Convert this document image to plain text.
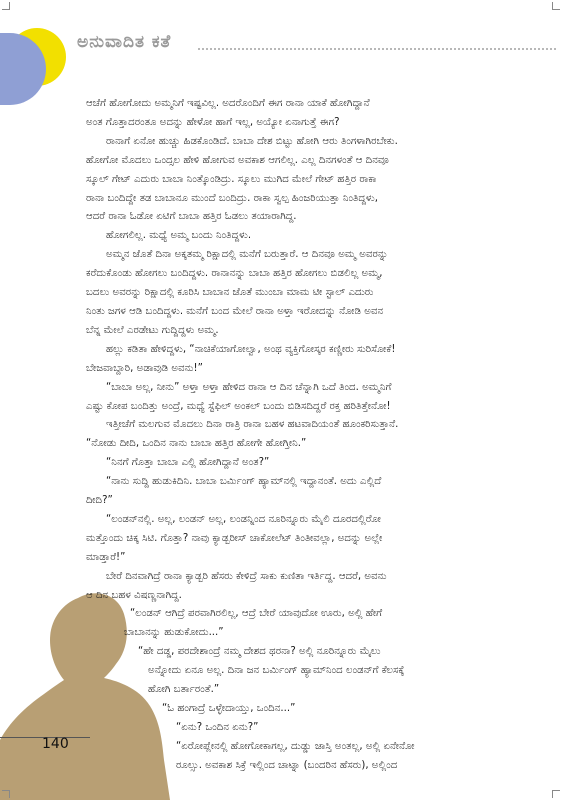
ಅನುವಾದಿತ ಕತೆ
140

ಆಚೆಗೆ ಹೋಗೋದು ಅಮ್ಮನಿಗೆ ಇಷ್ಟವಿಲ್ಲ. ಅದರೊಂದಿಗೆ ಈಗ ರಾನಾ ಯಾಕೆ ಹೋಗಿದ್ದಾನೆ

ಅಂತ ಗೊತ್ತಾದರಂತೂ ಅದನ್ನು ಹೇಳೋ ಹಾಗೆ ಇಲ್ಲ, ಅಯ್ಯೋ ಏನಾಗುತ್ತೆ ಈಗ?

ರಾನಾಗೆ ಏನೋ ಹುಚ್ಚು ಹಿಡಕೊಂಡಿದೆ. ಬಾಬಾ ದೇಶ ಬಿಟ್ಟು ಹೋಗಿ ಆರು ತಿಂಗಳಾಗಿರಬೇಕು.

ಹೋಗೋ ಮೊದಲು ಒಂದ್ಸಲ ಹೇಳಿ ಹೋಗುವ ಅವಕಾಶ ಆಗಲಿಲ್ಲ. ಎಲ್ಲ ದಿನಗಳಂತೆ ಆ ದಿನವೂ

ಸ್ಕೂಲ್ ಗೇಟ್ ಎದುರು ಬಾಬಾ ನಿಂತ್ಕೊಂಡಿದ್ರು. ಸ್ಕೂಲು ಮುಗಿದ ಮೇಲೆ ಗೇಟ್ ಹತ್ತಿರ ರಾಕಾ

ರಾನಾ ಬಂದಿದ್ದೇ ತಡ ಬಾಬಾನೂ ಮುಂದೆ ಬಂದಿದ್ರು. ರಾಕಾ ಸ್ವಲ್ಪ ಹಿಂಜರಿಯುತ್ತಾ ನಿಂತಿದ್ದಳು,

ಆದರೆ ರಾನಾ ಓಡೋ ಏಟಿಗೆ ಬಾಬಾ ಹತ್ತಿರ ಓಡಲು ತಯಾರಾಗಿದ್ದ.

ಹೋಗಲಿಲ್ಲ. ಮಧ್ಯೆ ಅಮ್ಮ ಬಂದು ನಿಂತಿದ್ದಳು.

ಅಮ್ಮನ ಜೊತೆ ದಿನಾ ಅಕ್ಕತಮ್ಮ ರಿಕ್ಷಾದಲ್ಲಿ ಮನೆಗೆ ಬರುತ್ತಾರೆ. ಆ ದಿನವೂ ಅಮ್ಮ ಅವರನ್ನು

ಕರೆದುಕೊಂಡು ಹೋಗಲು ಬಂದಿದ್ದಳು. ರಾನಾನನ್ನು ಬಾಬಾ ಹತ್ತಿರ ಹೋಗಲು ಬಿಡಲಿಲ್ಲ ಅಮ್ಮ,

ಬದಲು ಅವರನ್ನು ರಿಕ್ಷಾದಲ್ಲಿ ಕೂರಿಸಿ ಬಾಬಾನ ಜೊತೆ ಮುಂಬಾ ಮಾಮ ಟೀ ಸ್ಟಾಲ್ ಎದುರು

ನಿಂತು ಜಗಳ ಆಡಿ ಬಂದಿದ್ದಳು. ಮನೆಗೆ ಬಂದ ಮೇಲೆ ರಾನಾ ಅಳ್ತಾ ಇರೋದನ್ನು ನೋಡಿ ಅವನ

ಬೆನ್ನ ಮೇಲೆ ಎರಡೇಟು ಗುದ್ದಿದ್ದಳು ಅಮ್ಮ.

ಹಲ್ಲು ಕಡಿತಾ ಹೇಳಿದ್ದಳು, “ನಾಚಿಕೆಯಾಗೋಲ್ವಾ, ಅಂಥ ವ್ಯಕ್ತಿಗೋಸ್ಕರ ಕಣ್ಣೀರು ಸುರಿಸೋಕೆ!

ಬೇಜವಾಬ್ದಾರಿ, ಅಡಾವುಡಿ ಅವನು!”

“ಬಾಬಾ ಅಲ್ಲ, ನೀನು” ಅಳ್ತಾ ಅಳ್ತಾ ಹೇಳಿದ ರಾನಾ ಆ ದಿನ ಚೆನ್ನಾಗಿ ಒದೆ ತಿಂದ. ಅಮ್ಮನಿಗೆ

ಎಷ್ಟು ಕೋಪ ಬಂದಿತ್ತು ಅಂದ್ರೆ, ಮಧ್ಯೆ ಸ್ಟೆಫಿಲ್ ಅಂಕಲ್ ಬಂದು ಬಿಡಿಸದಿದ್ದರೆ ರಕ್ತ ಹರಿತಿತ್ತೇನೋ!

ಇತ್ತೀಚೆಗೆ ಮಲಗುವ ಮೊದಲು ದಿನಾ ರಾತ್ರಿ ರಾನಾ ಬಹಳ ಹಟವಾದಿಯಂತೆ ಹೂಂಕರಿಸುತ್ತಾನೆ.

“ನೋಡು ದೀದಿ, ಒಂದಿನ ನಾನು ಬಾಬಾ ಹತ್ತಿರ ಹೋಗೇ ಹೋಗ್ತೀನಿ.”

“ನಿನಗೆ ಗೊತ್ತಾ ಬಾಬಾ ಎಲ್ಲಿ ಹೋಗಿದ್ದಾನೆ ಅಂತ?”

“ನಾನು ಸುದ್ದಿ ಹುಡುಕಿದಿನಿ. ಬಾಬಾ ಬರ್ಮಿಂಗ್ ಹ್ಯಾಮ್‌ನಲ್ಲಿ ಇದ್ದಾನಂತೆ. ಅದು ಎಲ್ಲಿದೆ

ದೀದಿ?”

“ಲಂಡನ್‌ನಲ್ಲಿ. ಅಲ್ಲ, ಲಂಡನ್ ಅಲ್ಲ, ಲಂಡನ್ನಿಂದ ನೂರಿನ್ನೂರು ಮೈಲಿ ದೂರದಲ್ಲಿರೋ

ಮತ್ತೊಂದು ಚಿಕ್ಕ ಸಿಟಿ. ಗೊತ್ತಾ? ನಾವು ಕ್ಯಾಡ್ಬರೀಸ್ ಚಾಕೋಲೆಟ್ ತಿಂತೀವಲ್ಲಾ, ಅದನ್ನು ಅಲ್ಲೇ

ಮಾಡ್ತಾರೆ!”

ಬೇರೆ ದಿನವಾಗಿದ್ರೆ ರಾನಾ ಕ್ಯಾಡ್ಬರಿ ಹೆಸರು ಕೇಳಿದ್ರೆ ಸಾಕು ಕುಣಿತಾ ಇರ್ತಿದ್ದ. ಆದರೆ, ಅವನು

ಆ ದಿನ ಬಹಳ ವಿಷಣ್ಣನಾಗಿದ್ದ.

“ಲಂಡನ್ ಆಗಿದ್ರೆ ಪರವಾಗಿರಲಿಲ್ಲ, ಆದ್ರೆ ಬೇರೆ ಯಾವುದೋ ಊರು, ಅಲ್ಲಿ ಹೇಗೆ

ಬಾಬಾನನ್ನು ಹುಡುಕೋದು...”

“ಹೇ ದಡ್ಡ, ಪರದೇಶಾಂದ್ರೆ ನಮ್ಮ ದೇಶದ ಥರನಾ? ಅಲ್ಲಿ ನೂರಿನ್ನೂರು ಮೈಲು

ಅನ್ನೋದು ಏನೂ ಅಲ್ಲ. ದಿನಾ ಜನ ಬರ್ಮಿಂಗ್ ಹ್ಯಾಮ್‌ನಿಂದ ಲಂಡನ್‌ಗೆ ಕೆಲಸಕ್ಕೆ

ಹೋಗಿ ಬರ್ತಾರಂತೆ.”

“ಓ ಹಂಗಾದ್ರೆ ಒಳ್ಳೇದಾಯ್ತು, ಒಂದಿನ...”

“ಏನು? ಒಂದಿನ ಏನು?”

“ಏರೋಪ್ಲೇನಲ್ಲಿ ಹೋಗೋಕಾಗಲ್ಲ, ದುಡ್ಡು ಜಾಸ್ತಿ ಅಂತಲ್ಲ, ಅಲ್ಲಿ ಏನೇನೋ

ರೂಲ್ಸು. ಅವಕಾಶ ಸಿಕ್ರೆ ಇಲ್ಲಿಂದ ಚಾಟ್ನಾ (ಬಂದರಿನ ಹೆಸರು), ಅಲ್ಲಿಂದ
